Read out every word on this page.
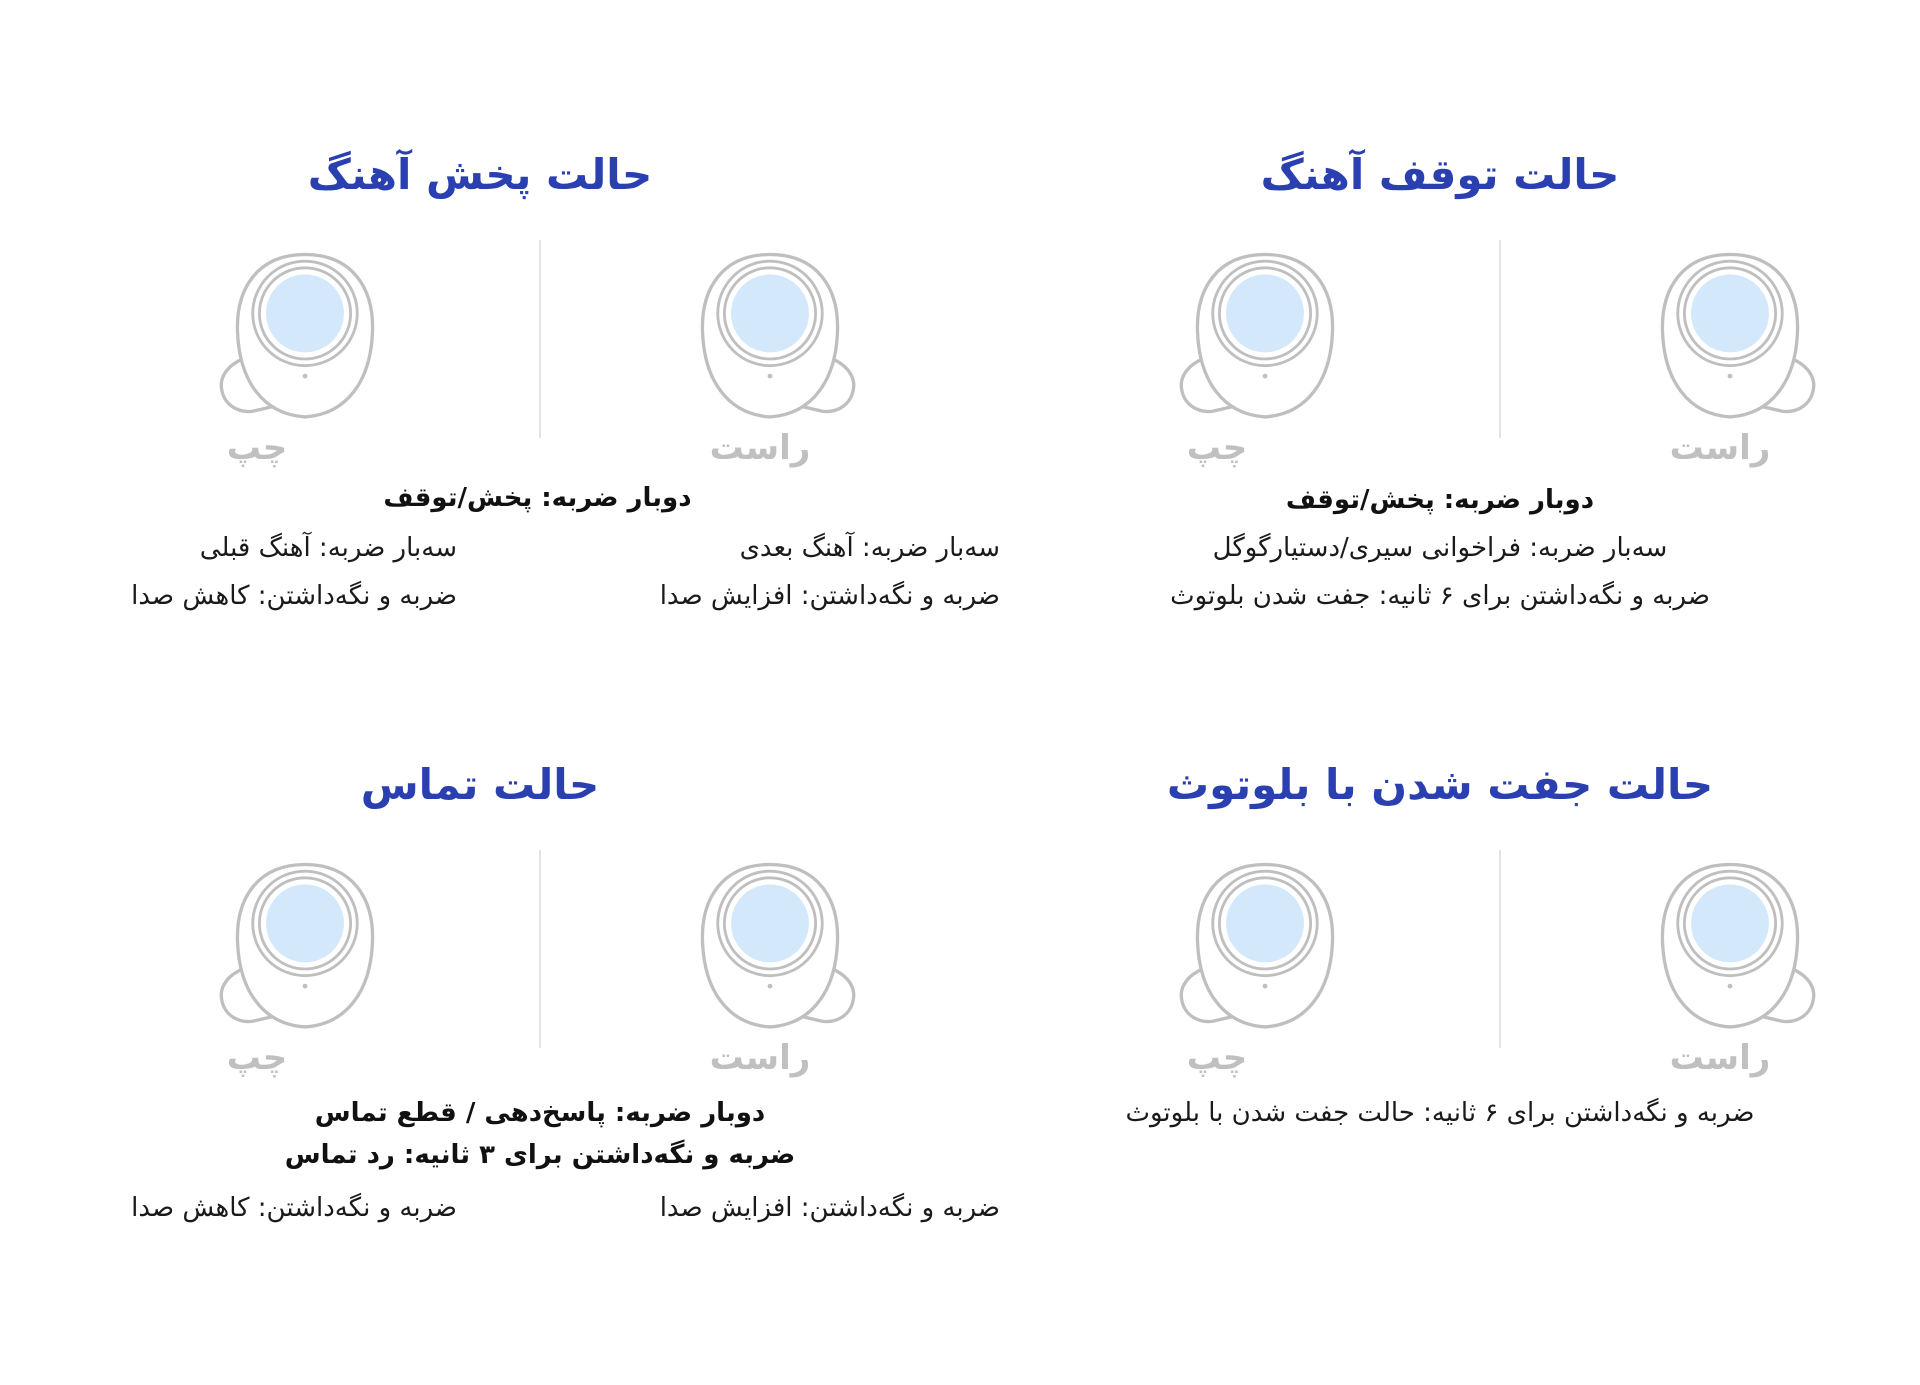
حالت توقف آهنگ
راست
چپ
دوبار ضربه: پخش/توقف
سه‌بار ضربه: فراخوانی سیری/دستیارگوگل
ضربه و نگه‌داشتن برای ۶ ثانیه: جفت شدن بلوتوث
حالت پخش آهنگ
راست
چپ
دوبار ضربه: پخش/توقف
سه‌بار ضربه: آهنگ بعدی
ضربه و نگه‌داشتن: افزایش صدا
سه‌بار ضربه: آهنگ قبلی
ضربه و نگه‌داشتن: کاهش صدا
حالت جفت شدن با بلوتوث
راست
چپ
ضربه و نگه‌داشتن برای ۶ ثانیه: حالت جفت شدن با بلوتوث
حالت تماس
راست
چپ
دوبار ضربه: پاسخ‌دهی / قطع تماس
ضربه و نگه‌داشتن برای ۳ ثانیه: رد تماس
ضربه و نگه‌داشتن: افزایش صدا
ضربه و نگه‌داشتن: کاهش صدا
